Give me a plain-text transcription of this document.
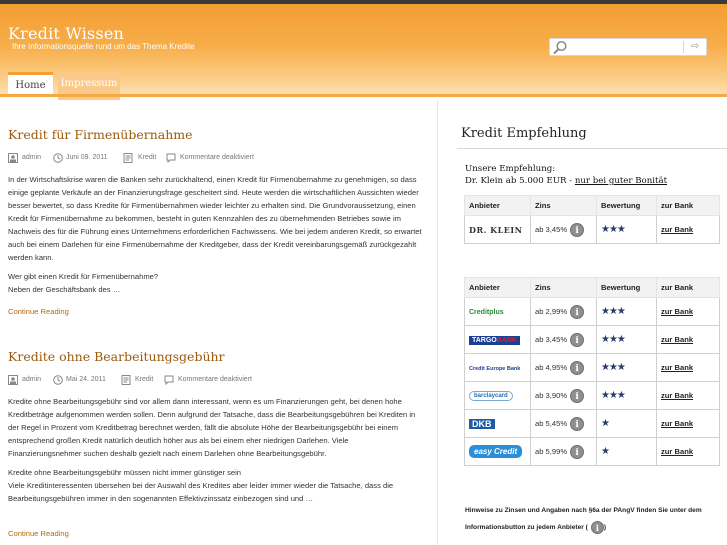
Kredit Wissen
Ihre Informationsquelle rund um das Thema Kredite	⇨
Home	Impressum
Kredit für Firmenübernahme
admin	Juni 09. 2011	Kredit	Kommentare deaktiviert

In der Wirtschaftskrise waren die Banken sehr zurückhaltend, einen Kredit für Firmenübernahme zu genehmigen, so dass einige geplante Verkäufe an der Finanzierungsfrage gescheitert sind. Heute werden die wirtschaftlichen Aussichten wieder besser bewertet, so dass Kredite für Firmenübernahmen wieder leichter zu erhalten sind. Die Grundvoraussetzung, einen Kredit für Firmenübernahme zu bekommen, besteht in guten Kennzahlen des zu übernehmenden Betriebes sowie im Nachweis des für die Führung eines Unternehmens erforderlichen Fachwissens. Wie bei jedem anderen Kredit, so erwartet auch bei einem Darlehen für eine Firmenübernahme der Kreditgeber, dass der Kredit vereinbarungsgemäß zurückgezahlt werden kann.

Wer gibt einen Kredit für Firmenübernahme?

Neben der Geschäftsbank des …

Continue Reading
Kredite ohne Bearbeitungsgebühr
admin	Mai 24. 2011	Kredit	Kommentare deaktiviert

Kredite ohne Bearbeitungsgebühr sind vor allem dann interessant, wenn es um Finanzierungen geht, bei denen hohe Kreditbeträge aufgenommen werden sollen. Denn aufgrund der Tatsache, dass die Bearbeitungsgebühren bei Krediten in der Regel in Prozent vom Kreditbetrag berechnet werden, fällt die absolute Höhe der Bearbeitungsgebühr bei einem entsprechend großen Kredit natürlich deutlich höher aus als bei einem eher niedrigen Darlehen. Viele Finanzierungsnehmer suchen deshalb gezielt nach einem Darlehen ohne Bearbeitungsgebühr.

Kredite ohne Bearbeitungsgebühr müssen nicht immer günstiger sein

Viele Kreditinteressenten übersehen bei der Auswahl des Kredites aber leider immer wieder die Tatsache, dass die Bearbeitungsgebühren immer in den sogenannten Effektivzinssatz einbezogen sind und …

Continue Reading
Kredit Empfehlung
Unsere Empfehlung:
Dr. Klein ab 5.000 EUR - nur bei guter Bonität
Anbieter	Zins	Bewertung	zur Bank
DR. KLEIN	ab 3,45% i	★★★	zur Bank
Anbieter	Zins	Bewertung	zur Bank
Creditplus	ab 2,99% i	★★★	zur Bank
TARGOBANK	ab 3,45% i	★★★	zur Bank
Credit Europe Bank	ab 4,95% i	★★★	zur Bank
barclaycard	ab 3,90% i	★★★	zur Bank
DKB	ab 5,45% i	★	zur Bank
easy Credit	ab 5,99% i	★	zur Bank
Hinweise zu Zinsen und Angaben nach §6a der PAngV finden Sie unter dem Informationsbutton zu jedem Anbieter ( i )
